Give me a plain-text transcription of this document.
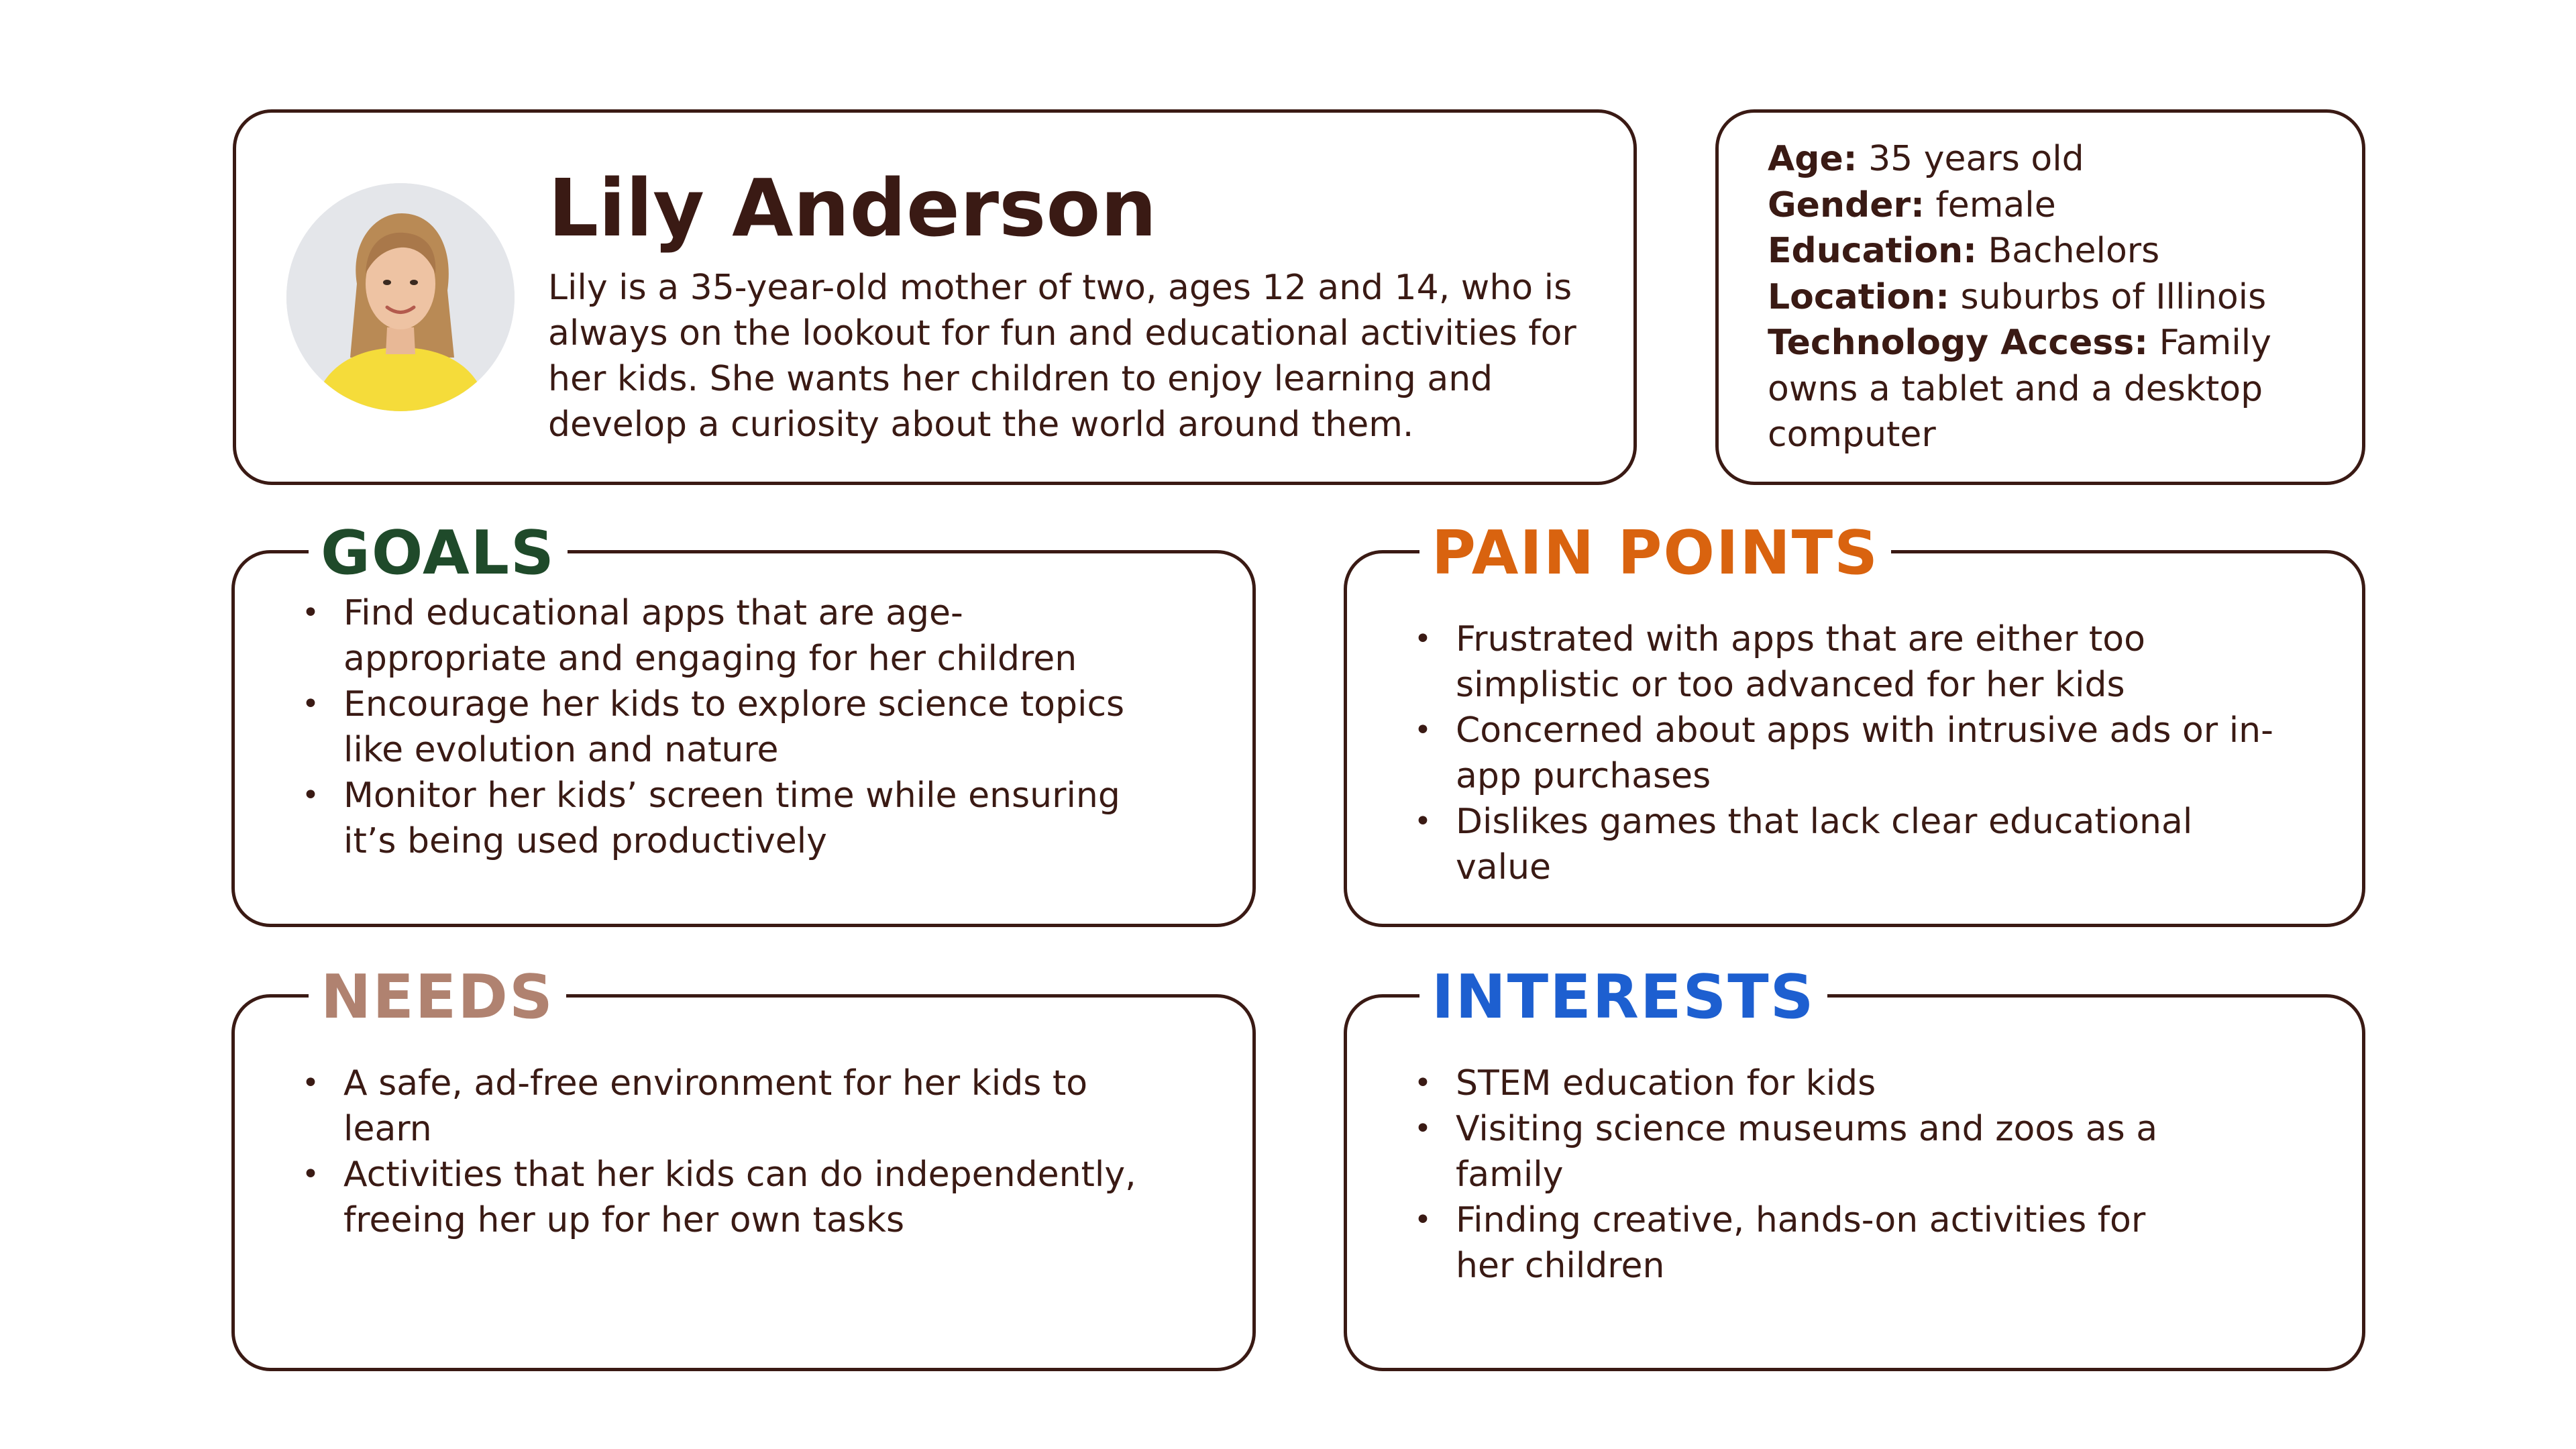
Lily Anderson
Lily is a 35-year-old mother of two, ages 12 and 14, who is always on the lookout for fun and educational activities for her kids. She wants her children to enjoy learning and develop a curiosity about the world around them.
Age: 35 years old
Gender: female
Education: Bachelors
Location: suburbs of Illinois
Technology Access: Family owns a tablet and a desktop computer
GOALS
• Find educational apps that are age-appropriate and engaging for her children
• Encourage her kids to explore science topics like evolution and nature
• Monitor her kids’ screen time while ensuring it’s being used productively
PAIN POINTS
• Frustrated with apps that are either too simplistic or too advanced for her kids
• Concerned about apps with intrusive ads or in-app purchases
• Dislikes games that lack clear educational value
NEEDS
• A safe, ad-free environment for her kids to learn
• Activities that her kids can do independently, freeing her up for her own tasks
INTERESTS
• STEM education for kids
• Visiting science museums and zoos as a family
• Finding creative, hands-on activities for her children
